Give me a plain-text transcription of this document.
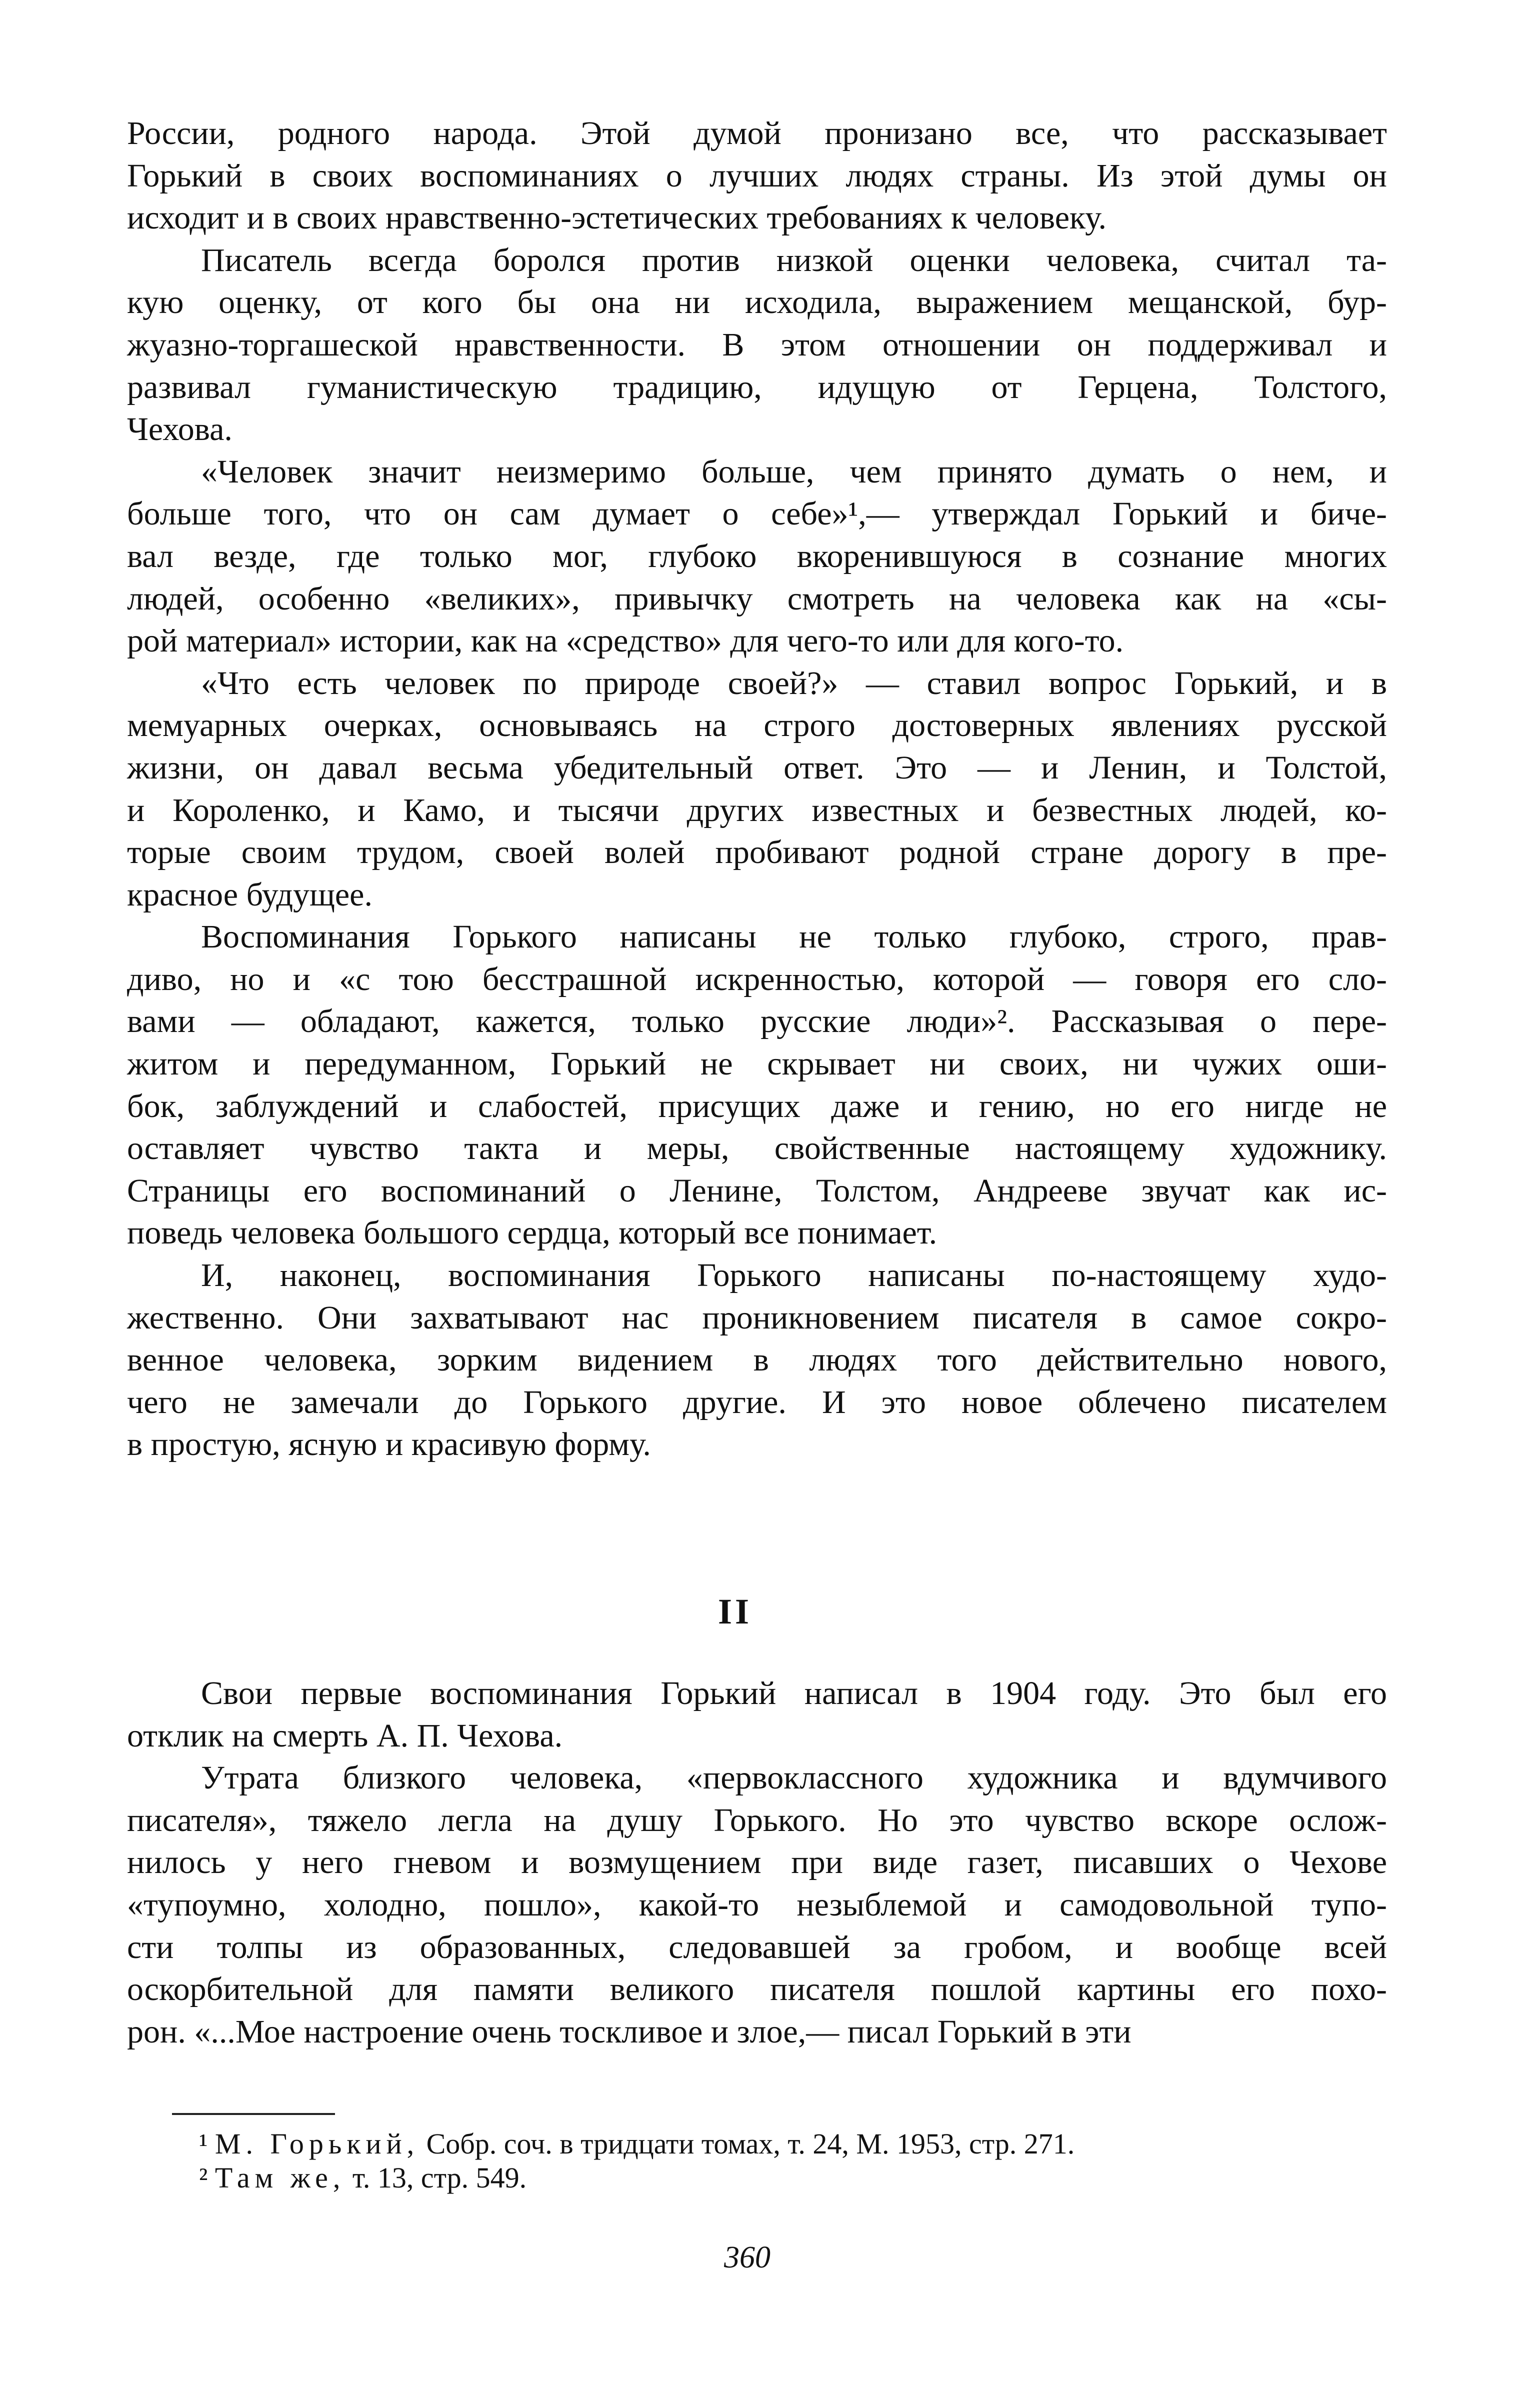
России, родного народа. Этой думой пронизано все, что рассказывает
Горький в своих воспоминаниях о лучших людях страны. Из этой думы он
исходит и в своих нравственно-эстетических требованиях к человеку.
Писатель всегда боролся против низкой оценки человека, считал та-
кую оценку, от кого бы она ни исходила, выражением мещанской, бур-
жуазно-торгашеской нравственности. В этом отношении он поддерживал и
развивал гуманистическую традицию, идущую от Герцена, Толстого,
Чехова.
«Человек значит неизмеримо больше, чем принято думать о нем, и
больше того, что он сам думает о себе»¹,— утверждал Горький и биче-
вал везде, где только мог, глубоко вкоренившуюся в сознание многих
людей, особенно «великих», привычку смотреть на человека как на «сы-
рой материал» истории, как на «средство» для чего-то или для кого-то.
«Что есть человек по природе своей?» — ставил вопрос Горький, и в
мемуарных очерках, основываясь на строго достоверных явлениях русской
жизни, он давал весьма убедительный ответ. Это — и Ленин, и Толстой,
и Короленко, и Камо, и тысячи других известных и безвестных людей, ко-
торые своим трудом, своей волей пробивают родной стране дорогу в пре-
красное будущее.
Воспоминания Горького написаны не только глубоко, строго, прав-
диво, но и «с тою бесстрашной искренностью, которой — говоря его сло-
вами — обладают, кажется, только русские люди»². Рассказывая о пере-
житом и передуманном, Горький не скрывает ни своих, ни чужих оши-
бок, заблуждений и слабостей, присущих даже и гению, но его нигде не
оставляет чувство такта и меры, свойственные настоящему художнику.
Страницы его воспоминаний о Ленине, Толстом, Андрееве звучат как ис-
поведь человека большого сердца, который все понимает.
И, наконец, воспоминания Горького написаны по-настоящему худо-
жественно. Они захватывают нас проникновением писателя в самое сокро-
венное человека, зорким видением в людях того действительно нового,
чего не замечали до Горького другие. И это новое облечено писателем
в простую, ясную и красивую форму.
II
Свои первые воспоминания Горький написал в 1904 году. Это был его
отклик на смерть А. П. Чехова.
Утрата близкого человека, «первоклассного художника и вдумчивого
писателя», тяжело легла на душу Горького. Но это чувство вскоре ослож-
нилось у него гневом и возмущением при виде газет, писавших о Чехове
«тупоумно, холодно, пошло», какой-то незыблемой и самодовольной тупо-
сти толпы из образованных, следовавшей за гробом, и вообще всей
оскорбительной для памяти великого писателя пошлой картины его похо-
рон. «...Мое настроение очень тоскливое и злое,— писал Горький в эти
¹ М. Горький, Собр. соч. в тридцати томах, т. 24, М. 1953, стр. 271.
² Там же, т. 13, стр. 549.
360
